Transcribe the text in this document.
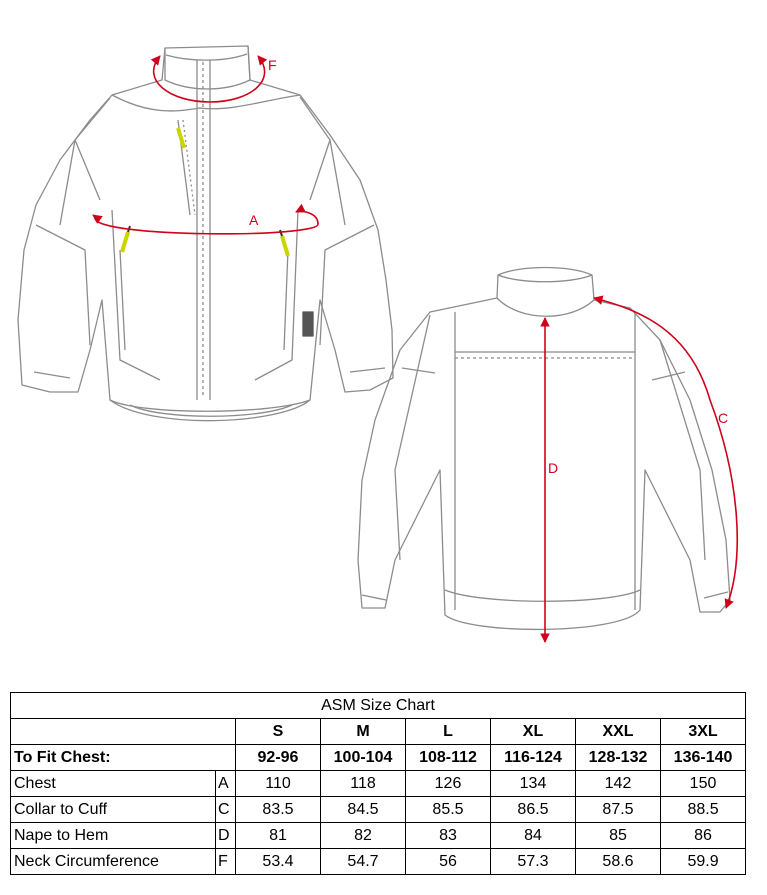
A
F
D
C
ASM Size Chart							
		S	M	L	XL	XXL	3XL
To Fit Chest:		92-96	100-104	108-112	116-124	128-132	136-140
Chest	A	110	118	126	134	142	150
Collar to Cuff	C	83.5	84.5	85.5	86.5	87.5	88.5
Nape to Hem	D	81	82	83	84	85	86
Neck Circumference	F	53.4	54.7	56	57.3	58.6	59.9
